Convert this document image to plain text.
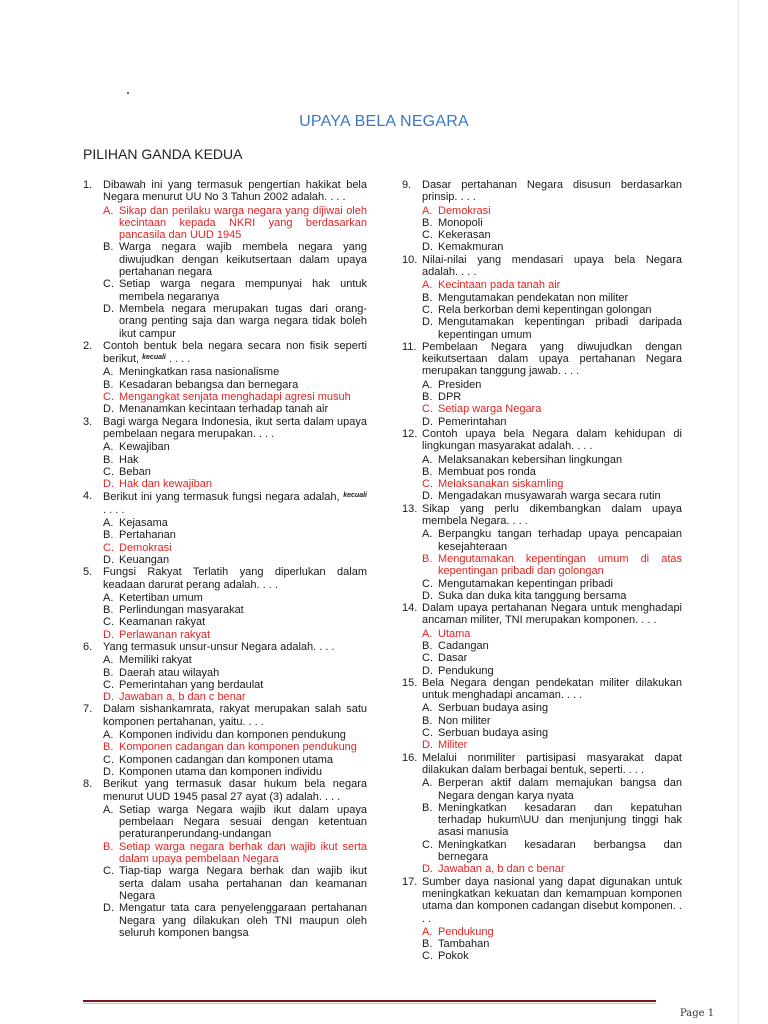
UPAYA BELA NEGARA
PILIHAN GANDA KEDUA
1. Dibawah ini yang termasuk pengertian hakikat bela Negara menurut UU No 3 Tahun 2002 adalah. . . .
A. Sikap dan perilaku warga negara yang dijiwai oleh kecintaan kepada NKRI yang berdasarkan pancasila dan UUD 1945
B. Warga negara wajib membela negara yang diwujudkan dengan keikutsertaan dalam upaya pertahanan negara
C. Setiap warga negara mempunyai hak untuk membela negaranya
D. Membela negara merupakan tugas dari orang-orang penting saja dan warga negara tidak boleh ikut campur
2. Contoh bentuk bela negara secara non fisik seperti berikut, $^{kecuali}$ . . . .
A. Meningkatkan rasa nasionalisme
B. Kesadaran bebangsa dan bernegara
C. Mengangkat senjata menghadapi agresi musuh
D. Menanamkan kecintaan terhadap tanah air
3. Bagi warga Negara Indonesia, ikut serta dalam upaya pembelaan negara merupakan. . . .
A. Kewajiban
B. Hak
C. Beban
D. Hak dan kewajiban
4. Berikut ini yang termasuk fungsi negara adalah, $^{kecuali}$ . . . .
A. Kejasama
B. Pertahanan
C. Demokrasi
D. Keuangan
5. Fungsi Rakyat Terlatih yang diperlukan dalam keadaan darurat perang adalah. . . .
A. Ketertiban umum
B. Perlindungan masyarakat
C. Keamanan rakyat
D. Perlawanan rakyat
6. Yang termasuk unsur-unsur Negara adalah. . . .
A. Memiliki rakyat
B. Daerah atau wilayah
C. Pemerintahan yang berdaulat
D. Jawaban a, b dan c benar
7. Dalam sishankamrata, rakyat merupakan salah satu komponen pertahanan, yaitu. . . .
A. Komponen individu dan komponen pendukung
B. Komponen cadangan dan komponen pendukung
C. Komponen cadangan dan komponen utama
D. Komponen utama dan komponen individu
8. Berikut yang termasuk dasar hukum bela negara menurut UUD 1945 pasal 27 ayat (3) adalah. . . .
A. Setiap warga Negara wajib ikut dalam upaya pembelaan Negara sesuai dengan ketentuan peraturanperundang-undangan
B. Setiap warga negara berhak dan wajib ikut serta dalam upaya pembelaan Negara
C. Tiap-tiap warga Negara berhak dan wajib ikut serta dalam usaha pertahanan dan keamanan Negara
D. Mengatur tata cara penyelenggaraan pertahanan Negara yang dilakukan oleh TNI maupun oleh seluruh komponen bangsa
9. Dasar pertahanan Negara disusun berdasarkan prinsip. . . .
A. Demokrasi
B. Monopoli
C. Kekerasan
D. Kemakmuran
10. Nilai-nilai yang mendasari upaya bela Negara adalah. . . .
A. Kecintaan pada tanah air
B. Mengutamakan pendekatan non militer
C. Rela berkorban demi kepentingan golongan
D. Mengutamakan kepentingan pribadi daripada kepentingan umum
11. Pembelaan Negara yang diwujudkan dengan keikutsertaan dalam upaya pertahanan Negara merupakan tanggung jawab. . . .
A. Presiden
B. DPR
C. Setiap warga Negara
D. Pemerintahan
12. Contoh upaya bela Negara dalam kehidupan di lingkungan masyarakat adalah. . . .
A. Melaksanakan kebersihan lingkungan
B. Membuat pos ronda
C. Melaksanakan siskamling
D. Mengadakan musyawarah warga secara rutin
13. Sikap yang perlu dikembangkan dalam upaya membela Negara. . . .
A. Berpangku tangan terhadap upaya pencapaian kesejahteraan
B. Mengutamakan kepentingan umum di atas kepentingan pribadi dan golongan
C. Mengutamakan kepentingan pribadi
D. Suka dan duka kita tanggung bersama
14. Dalam upaya pertahanan Negara untuk menghadapi ancaman militer, TNI merupakan komponen. . . .
A. Utama
B. Cadangan
C. Dasar
D. Pendukung
15. Bela Negara dengan pendekatan militer dilakukan untuk menghadapi ancaman. . . .
A. Serbuan budaya asing
B. Non militer
C. Serbuan budaya asing
D. Militer
16. Melalui nonmiliter partisipasi masyarakat dapat dilakukan dalam berbagai bentuk, seperti. . . .
A. Berperan aktif dalam memajukan bangsa dan Negara dengan karya nyata
B. Meningkatkan kesadaran dan kepatuhan terhadap hukum\UU dan menjunjung tinggi hak asasi manusia
C. Meningkatkan kesadaran berbangsa dan bernegara
D. Jawaban a, b dan c benar
17. Sumber daya nasional yang dapat digunakan untuk meningkatkan kekuatan dan kemampuan komponen utama dan komponen cadangan disebut komponen. . . .
A. Pendukung
B. Tambahan
C. Pokok
Page 1
